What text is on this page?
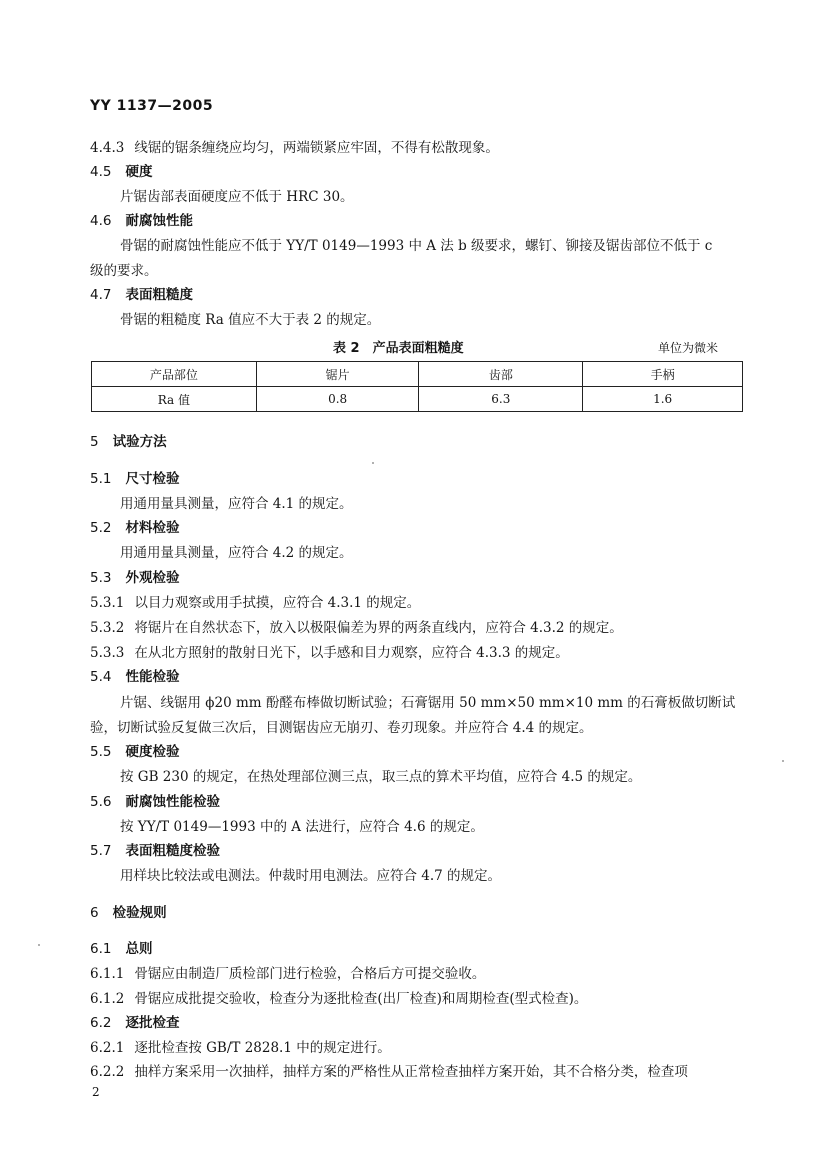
YY 1137—2005
4.4.3 线锯的锯条缠绕应均匀，两端锁紧应牢固，不得有松散现象。
4.5 硬度
片锯齿部表面硬度应不低于 HRC 30。
4.6 耐腐蚀性能
骨锯的耐腐蚀性能应不低于 YY/T 0149—1993 中 A 法 b 级要求，螺钉、铆接及锯齿部位不低于 c
级的要求。
4.7 表面粗糙度
骨锯的粗糙度 Ra 值应不大于表 2 的规定。
表 2　产品表面粗糙度	单位为微米
产品部位	锯片	齿部	手柄
Ra 值	0.8	6.3	1.6
5 试验方法
5.1 尺寸检验
用通用量具测量，应符合 4.1 的规定。
5.2 材料检验
用通用量具测量，应符合 4.2 的规定。
5.3 外观检验
5.3.1 以目力观察或用手拭摸，应符合 4.3.1 的规定。
5.3.2 将锯片在自然状态下，放入以极限偏差为界的两条直线内，应符合 4.3.2 的规定。
5.3.3 在从北方照射的散射日光下，以手感和目力观察，应符合 4.3.3 的规定。
5.4 性能检验
片锯、线锯用 ϕ20 mm 酚醛布棒做切断试验；石膏锯用 50 mm×50 mm×10 mm 的石膏板做切断试
验，切断试验反复做三次后，目测锯齿应无崩刃、卷刃现象。并应符合 4.4 的规定。
5.5 硬度检验
按 GB 230 的规定，在热处理部位测三点，取三点的算术平均值，应符合 4.5 的规定。
5.6 耐腐蚀性能检验
按 YY/T 0149—1993 中的 A 法进行，应符合 4.6 的规定。
5.7 表面粗糙度检验
用样块比较法或电测法。仲裁时用电测法。应符合 4.7 的规定。
6 检验规则
6.1 总则
6.1.1 骨锯应由制造厂质检部门进行检验，合格后方可提交验收。
6.1.2 骨锯应成批提交验收，检查分为逐批检查(出厂检查)和周期检查(型式检查)。
6.2 逐批检查
6.2.1 逐批检查按 GB/T 2828.1 中的规定进行。
6.2.2 抽样方案采用一次抽样，抽样方案的严格性从正常检查抽样方案开始，其不合格分类，检查项
2
